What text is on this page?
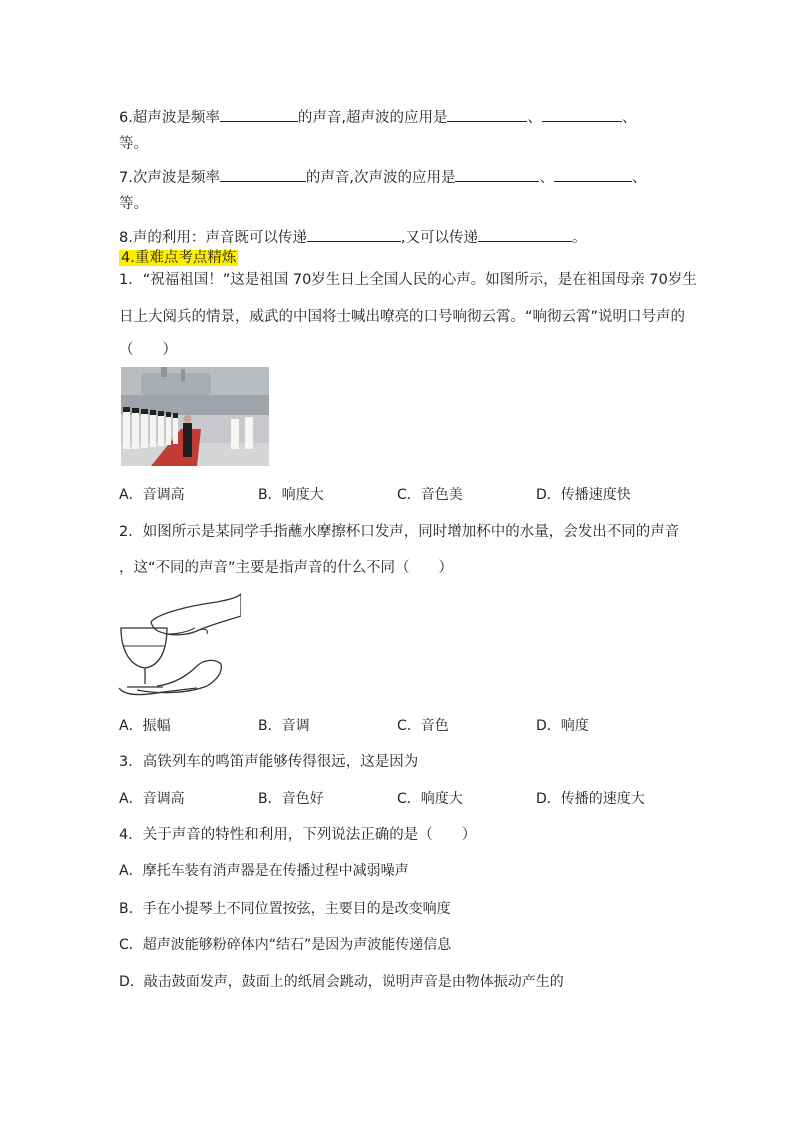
6.超声波是频率	的声音,超声波的应用是	、	、
等。
7.次声波是频率	的声音,次声波的应用是	、	、
等。
8.声的利用：声音既可以传递	,又可以传递	。
4.重难点考点精炼
1．“祝福祖国！”这是祖国 70岁生日上全国人民的心声。如图所示，是在祖国母亲 70岁生
日上大阅兵的情景，威武的中国将士喊出嘹亮的口号响彻云霄。“响彻云霄”说明口号声的
（　　）
A．音调高	B．响度大	C．音色美	D．传播速度快
2．如图所示是某同学手指蘸水摩擦杯口发声，同时增加杯中的水量，会发出不同的声音
，这“不同的声音”主要是指声音的什么不同（　　）
A．振幅	B．音调	C．音色	D．响度
3．高铁列车的鸣笛声能够传得很远，这是因为
A．音调高	B．音色好	C．响度大	D．传播的速度大
4．关于声音的特性和利用，下列说法正确的是（　　）
A．摩托车装有消声器是在传播过程中减弱噪声
B．手在小提琴上不同位置按弦，主要目的是改变响度
C．超声波能够粉碎体内“结石”是因为声波能传递信息
D．敲击鼓面发声，鼓面上的纸屑会跳动，说明声音是由物体振动产生的
